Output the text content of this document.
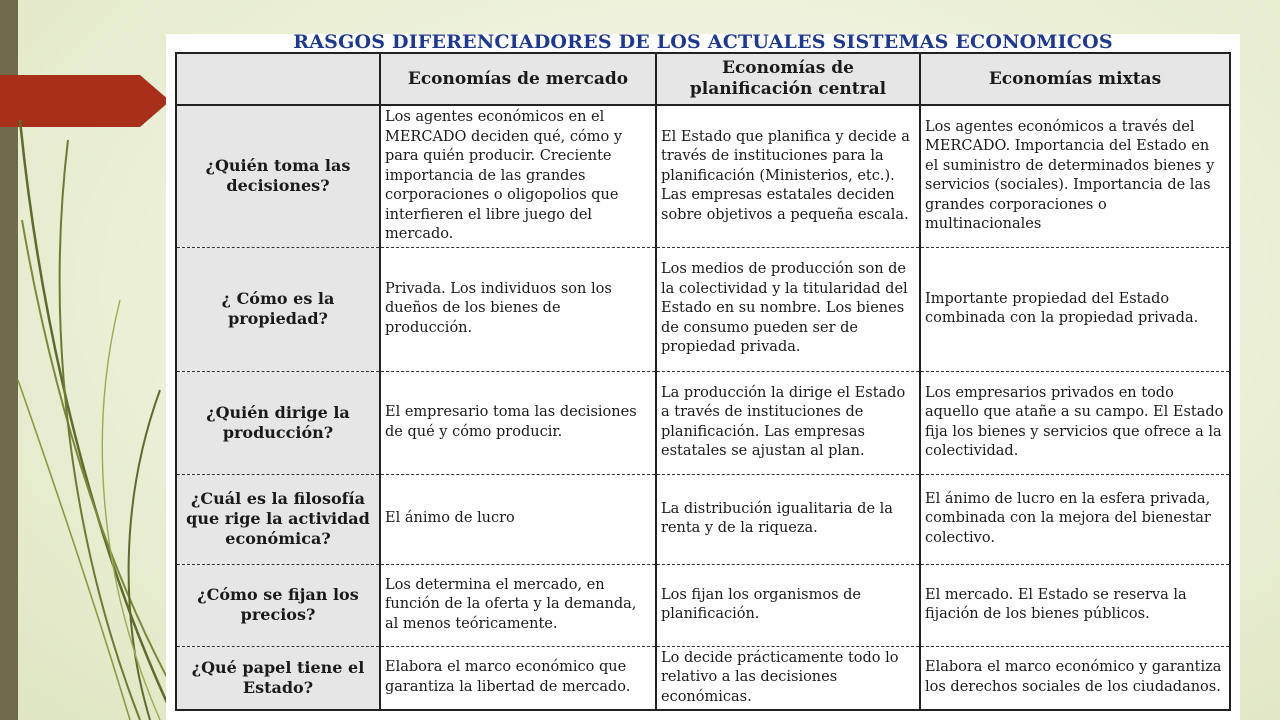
RASGOS DIFERENCIADORES DE LOS ACTUALES SISTEMAS ECONOMICOS
	Economías de mercado	Economías de planificación central	Economías mixtas
¿Quién toma las decisiones?	Los agentes económicos en el MERCADO deciden qué, cómo y para quién producir. Creciente importancia de las grandes corporaciones o oligopolios que interfieren el libre juego del mercado.	El Estado que planifica y decide a través de instituciones para la planificación (Ministerios, etc.). Las empresas estatales deciden sobre objetivos a pequeña escala.	Los agentes económicos a través del MERCADO. Importancia del Estado en el suministro de determinados bienes y servicios (sociales). Importancia de las grandes corporaciones o multinacionales
¿ Cómo es la propiedad?	Privada. Los individuos son los dueños de los bienes de producción.	Los medios de producción son de la colectividad y la titularidad del Estado en su nombre. Los bienes de consumo pueden ser de propiedad privada.	Importante propiedad del Estado combinada con la propiedad privada.
¿Quién dirige la producción?	El empresario toma las decisiones de qué y cómo producir.	La producción la dirige el Estado a través de instituciones de planificación. Las empresas estatales se ajustan al plan.	Los empresarios privados en todo aquello que atañe a su campo. El Estado fija los bienes y servicios que ofrece a la colectividad.
¿Cuál es la filosofía que rige la actividad económica?	El ánimo de lucro	La distribución igualitaria de la renta y de la riqueza.	El ánimo de lucro en la esfera privada, combinada con la mejora del bienestar colectivo.
¿Cómo se fijan los precios?	Los determina el mercado, en función de la oferta y la demanda, al menos teóricamente.	Los fijan los organismos de planificación.	El mercado. El Estado se reserva la fijación de los bienes públicos.
¿Qué papel tiene el Estado?	Elabora el marco económico que garantiza la libertad de mercado.	Lo decide prácticamente todo lo relativo a las decisiones económicas.	Elabora el marco económico y garantiza los derechos sociales de los ciudadanos.
